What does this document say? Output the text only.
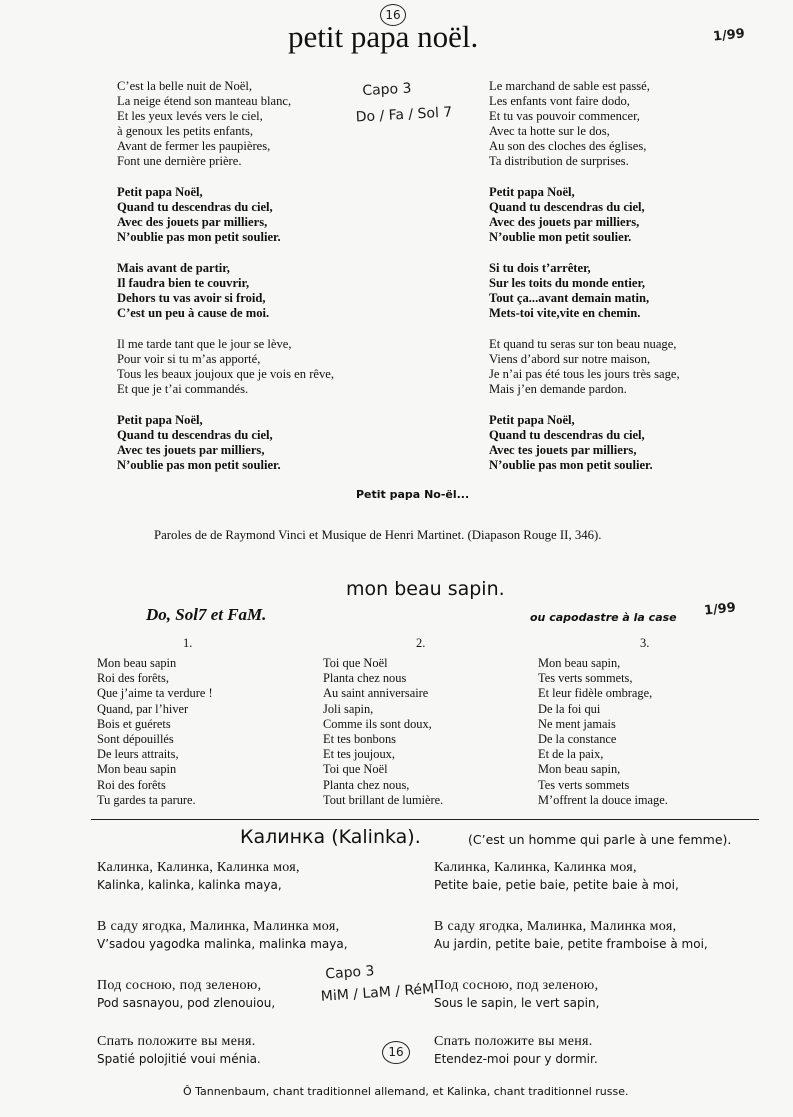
16
1/99
petit papa noël.
Capo 3
Do / Fa / Sol 7
C’est la belle nuit de Noël,
La neige étend son manteau blanc,
Et les yeux levés vers le ciel,
à genoux les petits enfants,
Avant de fermer les paupières,
Font une dernière prière.
Petit papa Noël,
Quand tu descendras du ciel,
Avec des jouets par milliers,
N’oublie pas mon petit soulier.
Mais avant de partir,
Il faudra bien te couvrir,
Dehors tu vas avoir si froid,
C’est un peu à cause de moi.
Il me tarde tant que le jour se lève,
Pour voir si tu m’as apporté,
Tous les beaux joujoux que je vois en rêve,
Et que je t’ai commandés.
Petit papa Noël,
Quand tu descendras du ciel,
Avec tes jouets par milliers,
N’oublie pas mon petit soulier.
Le marchand de sable est passé,
Les enfants vont faire dodo,
Et tu vas pouvoir commencer,
Avec ta hotte sur le dos,
Au son des cloches des églises,
Ta distribution de surprises.
Petit papa Noël,
Quand tu descendras du ciel,
Avec des jouets par milliers,
N’oublie mon petit soulier.
Si tu dois t’arrêter,
Sur les toits du monde entier,
Tout ça...avant demain matin,
Mets-toi vite,vite en chemin.
Et quand tu seras sur ton beau nuage,
Viens d’abord sur notre maison,
Je n’ai pas été tous les jours très sage,
Mais j’en demande pardon.
Petit papa Noël,
Quand tu descendras du ciel,
Avec tes jouets par milliers,
N’oublie pas mon petit soulier.
Petit papa No-ël...
Paroles de de Raymond Vinci et Musique de Henri Martinet. (Diapason Rouge II, 346).
mon beau sapin.
Do, Sol7 et FaM.	ou capodastre à la case 1/99
1.
Mon beau sapin
Roi des forêts,
Que j’aime ta verdure !
Quand, par l’hiver
Bois et guérets
Sont dépouillés
De leurs attraits,
Mon beau sapin
Roi des forêts
Tu gardes ta parure.
2.
Toi que Noël
Planta chez nous
Au saint anniversaire
Joli sapin,
Comme ils sont doux,
Et tes bonbons
Et tes joujoux,
Toi que Noël
Planta chez nous,
Tout brillant de lumière.
3.
Mon beau sapin,
Tes verts sommets,
Et leur fidèle ombrage,
De la foi qui
Ne ment jamais
De la constance
Et de la paix,
Mon beau sapin,
Tes verts sommets
M’offrent la douce image.
Калинка (Kalinka).	(C’est un homme qui parle à une femme).
Capo 3
MiM / LaM / RéM
Калинка, Калинка, Калинка моя,
Kalinka, kalinka, kalinka maya,
В саду ягодка, Малинка, Малинка моя,
V’sadou yagodka malinka, malinka maya,
Под сосною, под зеленою,
Pod sasnayou, pod zlenouiou,
Спать положите вы меня.
Spatié polojitié voui ménia.
Калинка, Калинка, Калинка моя,
Petite baie, petie baie, petite baie à moi,
В саду ягодка, Малинка, Малинка моя,
Au jardin, petite baie, petite framboise à moi,
Под сосною, под зеленою,
Sous le sapin, le vert sapin,
Спать положите вы меня.
Etendez-moi pour y dormir.
16
Ô Tannenbaum, chant traditionnel allemand, et Kalinka, chant traditionnel russe.
